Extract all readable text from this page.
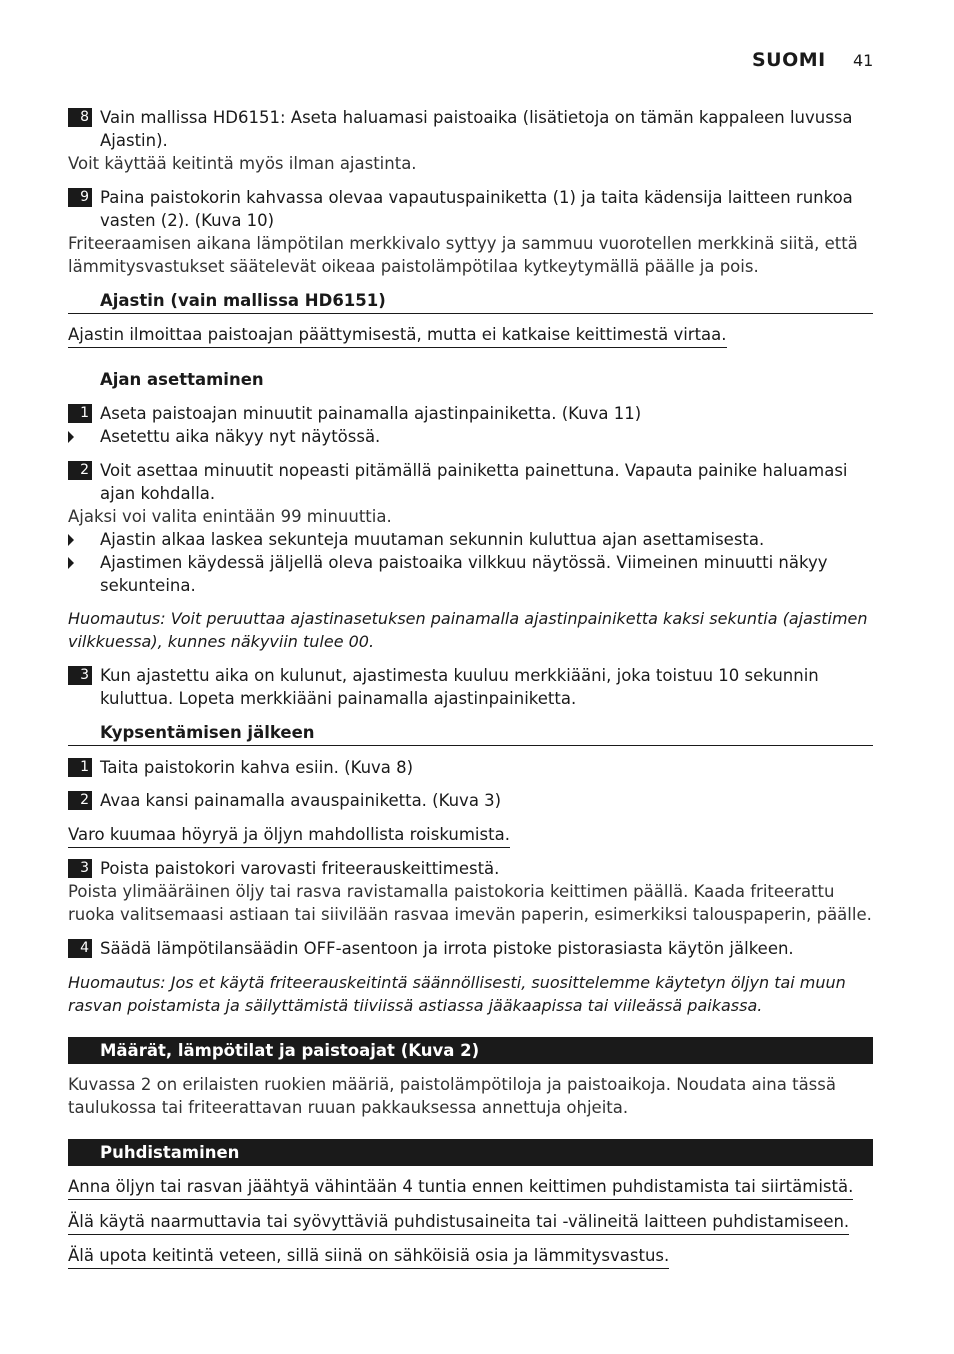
SUOMI 41
8 Vain mallissa HD6151: Aseta haluamasi paistoaika (lisätietoja on tämän kappaleen luvussa Ajastin).
Voit käyttää keitintä myös ilman ajastinta.
9 Paina paistokorin kahvassa olevaa vapautuspainiketta (1) ja taita kädensija laitteen runkoa vasten (2). (Kuva 10)
Friteeraamisen aikana lämpötilan merkkivalo syttyy ja sammuu vuorotellen merkkinä siitä, että lämmitysvastukset säätelevät oikeaa paistolämpötilaa kytkeytymällä päälle ja pois.
Ajastin (vain mallissa HD6151)
Ajastin ilmoittaa paistoajan päättymisestä, mutta ei katkaise keittimestä virtaa.
Ajan asettaminen
1 Aseta paistoajan minuutit painamalla ajastinpainiketta. (Kuva 11)
Asetettu aika näkyy nyt näytössä.
2 Voit asettaa minuutit nopeasti pitämällä painiketta painettuna. Vapauta painike haluamasi ajan kohdalla.
Ajaksi voi valita enintään 99 minuuttia.
Ajastin alkaa laskea sekunteja muutaman sekunnin kuluttua ajan asettamisesta.
Ajastimen käydessä jäljellä oleva paistoaika vilkkuu näytössä. Viimeinen minuutti näkyy sekunteina.
Huomautus: Voit peruuttaa ajastinasetuksen painamalla ajastinpainiketta kaksi sekuntia (ajastimen vilkkuessa), kunnes näkyviin tulee 00.
3 Kun ajastettu aika on kulunut, ajastimesta kuuluu merkkiääni, joka toistuu 10 sekunnin kuluttua. Lopeta merkkiääni painamalla ajastinpainiketta.
Kypsentämisen jälkeen
1 Taita paistokorin kahva esiin. (Kuva 8)
2 Avaa kansi painamalla avauspainiketta. (Kuva 3)
Varo kuumaa höyryä ja öljyn mahdollista roiskumista.
3 Poista paistokori varovasti friteerauskeittimestä.
Poista ylimääräinen öljy tai rasva ravistamalla paistokoria keittimen päällä. Kaada friteerattu ruoka valitsemaasi astiaan tai siivilään rasvaa imevän paperin, esimerkiksi talouspaperin, päälle.
4 Säädä lämpötilansäädin OFF-asentoon ja irrota pistoke pistorasiasta käytön jälkeen.
Huomautus: Jos et käytä friteerauskeitintä säännöllisesti, suosittelemme käytetyn öljyn tai muun rasvan poistamista ja säilyttämistä tiiviissä astiassa jääkaapissa tai viileässä paikassa.
Määrät, lämpötilat ja paistoajat (Kuva 2)
Kuvassa 2 on erilaisten ruokien määriä, paistolämpötiloja ja paistoaikoja. Noudata aina tässä taulukossa tai friteerattavan ruuan pakkauksessa annettuja ohjeita.
Puhdistaminen
Anna öljyn tai rasvan jäähtyä vähintään 4 tuntia ennen keittimen puhdistamista tai siirtämistä.
Älä käytä naarmuttavia tai syövyttäviä puhdistusaineita tai -välineitä laitteen puhdistamiseen.
Älä upota keitintä veteen, sillä siinä on sähköisiä osia ja lämmitysvastus.
